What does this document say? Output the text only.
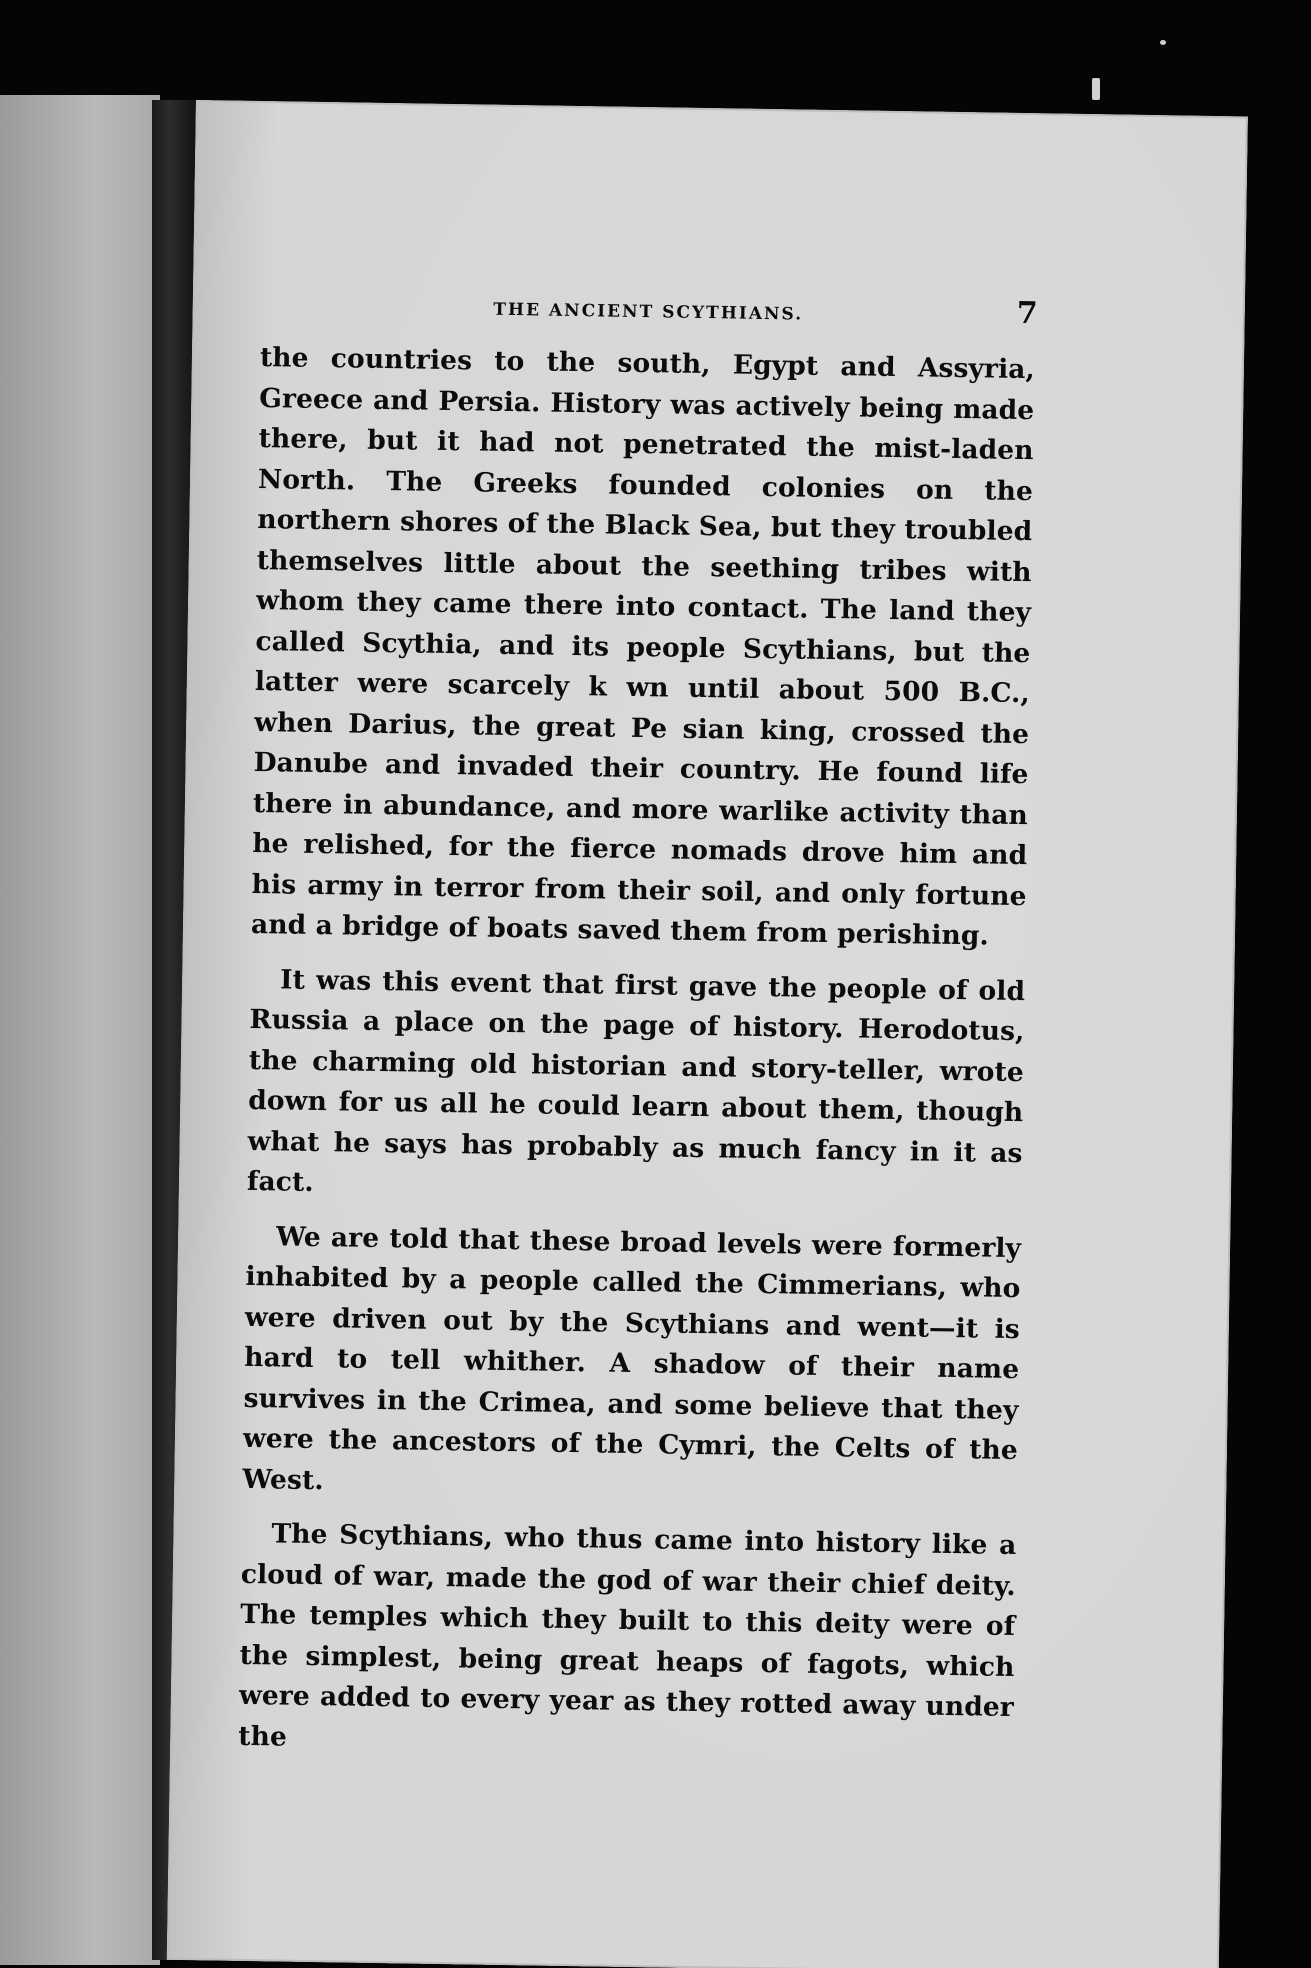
THE ANCIENT SCYTHIANS.	7

the countries to the south, Egypt and Assyria, Greece and Persia. History was actively being made there, but it had not penetrated the mist-laden North. The Greeks founded colonies on the northern shores of the Black Sea, but they troubled themselves little about the seething tribes with whom they came there into contact. The land they called Scythia, and its people Scythians, but the latter were scarcely k wn until about 500 B.C., when Darius, the great Pe sian king, crossed the Danube and invaded their country. He found life there in abundance, and more warlike activity than he relished, for the fierce nomads drove him and his army in terror from their soil, and only fortune and a bridge of boats saved them from perishing.

It was this event that first gave the people of old Russia a place on the page of history. Herodotus, the charming old historian and story-teller, wrote down for us all he could learn about them, though what he says has probably as much fancy in it as fact.

We are told that these broad levels were formerly inhabited by a people called the Cimmerians, who were driven out by the Scythians and went—it is hard to tell whither. A shadow of their name survives in the Crimea, and some believe that they were the ancestors of the Cymri, the Celts of the West.

The Scythians, who thus came into history like a cloud of war, made the god of war their chief deity. The temples which they built to this deity were of the simplest, being great heaps of fagots, which were added to every year as they rotted away under the
